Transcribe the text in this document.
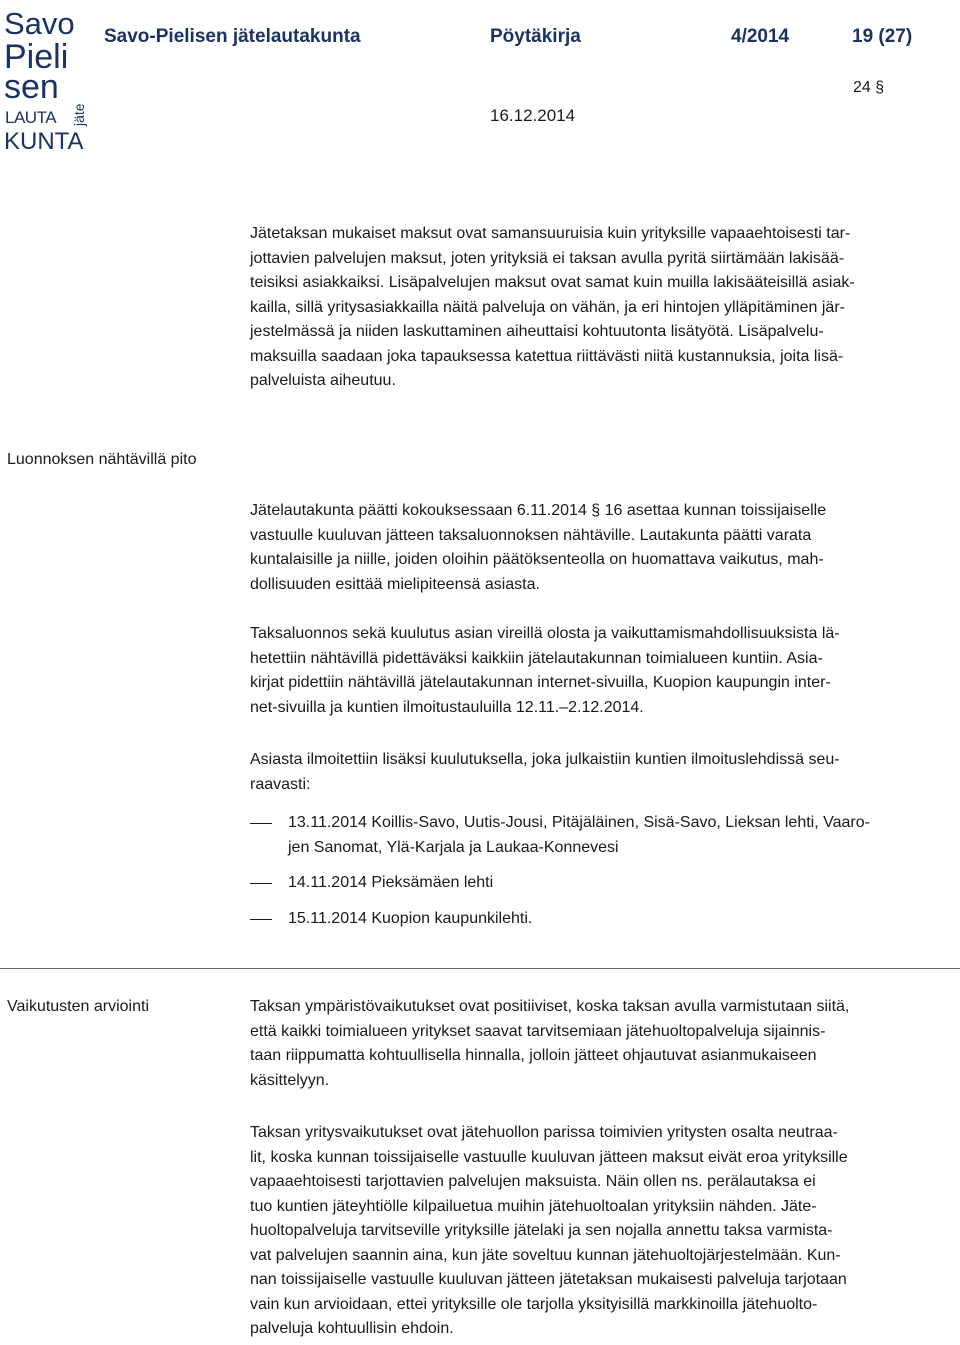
Savo
Pieli
sen
LAUTA
KUNTA
jäte
Savo-Pielisen jätelautakunta	Pöytäkirja	4/2014	19 (27)
24 §
16.12.2014
Jätetaksan mukaiset maksut ovat samansuuruisia kuin yrityksille vapaaehtoisesti tar-
jottavien palvelujen maksut, joten yrityksiä ei taksan avulla pyritä siirtämään lakisää-
teisiksi asiakkaiksi. Lisäpalvelujen maksut ovat samat kuin muilla lakisääteisillä asiak-
kailla, sillä yritysasiakkailla näitä palveluja on vähän, ja eri hintojen ylläpitäminen jär-
jestelmässä ja niiden laskuttaminen aiheuttaisi kohtuutonta lisätyötä. Lisäpalvelu-
maksuilla saadaan joka tapauksessa katettua riittävästi niitä kustannuksia, joita lisä-
palveluista aiheutuu.
Luonnoksen nähtävillä pito
Jätelautakunta päätti kokouksessaan 6.11.2014 § 16 asettaa kunnan toissijaiselle
vastuulle kuuluvan jätteen taksaluonnoksen nähtäville. Lautakunta päätti varata
kuntalaisille ja niille, joiden oloihin päätöksenteolla on huomattava vaikutus, mah-
dollisuuden esittää mielipiteensä asiasta.
Taksaluonnos sekä kuulutus asian vireillä olosta ja vaikuttamismahdollisuuksista lä-
hetettiin nähtävillä pidettäväksi kaikkiin jätelautakunnan toimialueen kuntiin. Asia-
kirjat pidettiin nähtävillä jätelautakunnan internet-sivuilla, Kuopion kaupungin inter-
net-sivuilla ja kuntien ilmoitustauluilla 12.11.–2.12.2014.
Asiasta ilmoitettiin lisäksi kuulutuksella, joka julkaistiin kuntien ilmoituslehdissä seu-
raavasti:
13.11.2014 Koillis-Savo, Uutis-Jousi, Pitäjäläinen, Sisä-Savo, Lieksan lehti, Vaaro-
jen Sanomat, Ylä-Karjala ja Laukaa-Konnevesi
14.11.2014 Pieksämäen lehti
15.11.2014 Kuopion kaupunkilehti.
Vaikutusten arviointi	Taksan ympäristövaikutukset ovat positiiviset, koska taksan avulla varmistutaan siitä,
että kaikki toimialueen yritykset saavat tarvitsemiaan jätehuoltopalveluja sijainnis-
taan riippumatta kohtuullisella hinnalla, jolloin jätteet ohjautuvat asianmukaiseen
käsittelyyn.
Taksan yritysvaikutukset ovat jätehuollon parissa toimivien yritysten osalta neutraa-
lit, koska kunnan toissijaiselle vastuulle kuuluvan jätteen maksut eivät eroa yrityksille
vapaaehtoisesti tarjottavien palvelujen maksuista. Näin ollen ns. perälautaksa ei
tuo kuntien jäteyhtiölle kilpailuetua muihin jätehuoltoalan yrityksiin nähden. Jäte-
huoltopalveluja tarvitseville yrityksille jätelaki ja sen nojalla annettu taksa varmista-
vat palvelujen saannin aina, kun jäte soveltuu kunnan jätehuoltojärjestelmään. Kun-
nan toissijaiselle vastuulle kuuluvan jätteen jätetaksan mukaisesti palveluja tarjotaan
vain kun arvioidaan, ettei yrityksille ole tarjolla yksityisillä markkinoilla jätehuolto-
palveluja kohtuullisin ehdoin.
